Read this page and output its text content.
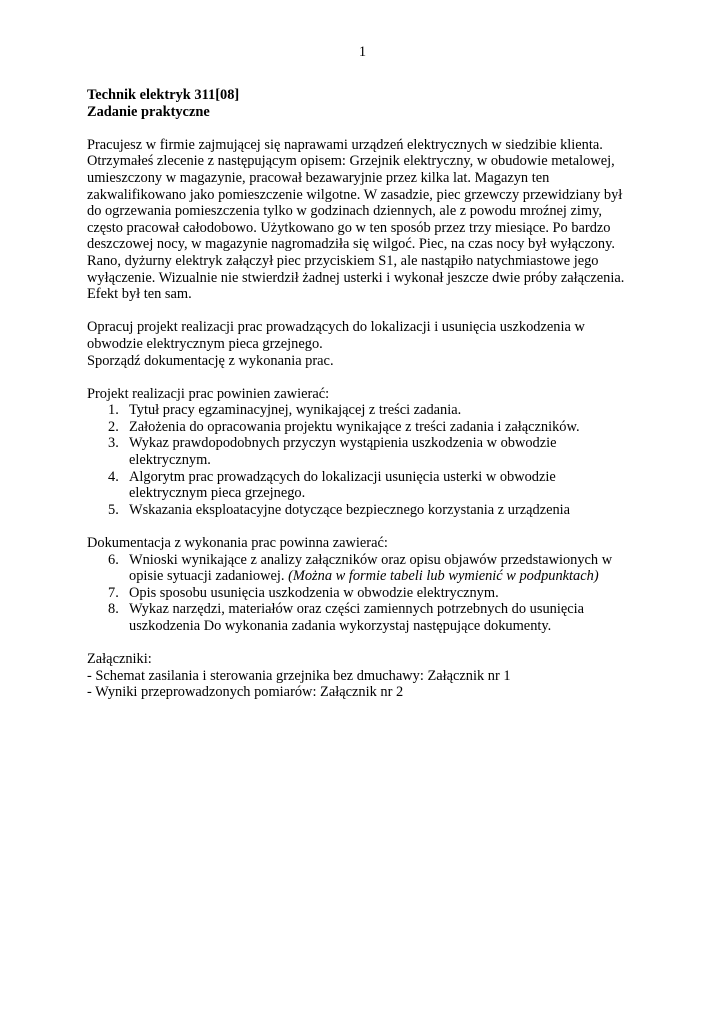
1

Technik elektryk 311[08]

Zadanie praktyczne

Pracujesz w firmie zajmującej się naprawami urządzeń elektrycznych w siedzibie klienta.

Otrzymałeś zlecenie z następującym opisem: Grzejnik elektryczny, w obudowie metalowej,

umieszczony w magazynie, pracował bezawaryjnie przez kilka lat. Magazyn ten

zakwalifikowano jako pomieszczenie wilgotne. W zasadzie, piec grzewczy przewidziany był

do ogrzewania pomieszczenia tylko w godzinach dziennych, ale z powodu mroźnej zimy,

często pracował całodobowo. Użytkowano go w ten sposób przez trzy miesiące. Po bardzo

deszczowej nocy, w magazynie nagromadziła się wilgoć. Piec, na czas nocy był wyłączony.

Rano, dyżurny elektryk załączył piec przyciskiem S1, ale nastąpiło natychmiastowe jego

wyłączenie. Wizualnie nie stwierdził żadnej usterki i wykonał jeszcze dwie próby załączenia.

Efekt był ten sam.

Opracuj projekt realizacji prac prowadzących do lokalizacji i usunięcia uszkodzenia w

obwodzie elektrycznym pieca grzejnego.

Sporządź dokumentację z wykonania prac.

Projekt realizacji prac powinien zawierać:

1. Tytuł pracy egzaminacyjnej, wynikającej z treści zadania.
2. Założenia do opracowania projektu wynikające z treści zadania i załączników.
3. Wykaz prawdopodobnych przyczyn wystąpienia uszkodzenia w obwodzie
elektrycznym.
4. Algorytm prac prowadzących do lokalizacji usunięcia usterki w obwodzie
elektrycznym pieca grzejnego.
5. Wskazania eksploatacyjne dotyczące bezpiecznego korzystania z urządzenia

Dokumentacja z wykonania prac powinna zawierać:

6. Wnioski wynikające z analizy załączników oraz opisu objawów przedstawionych w
opisie sytuacji zadaniowej. (Można w formie tabeli lub wymienić w podpunktach)
7. Opis sposobu usunięcia uszkodzenia w obwodzie elektrycznym.
8. Wykaz narzędzi, materiałów oraz części zamiennych potrzebnych do usunięcia
uszkodzenia Do wykonania zadania wykorzystaj następujące dokumenty.

Załączniki:

- Schemat zasilania i sterowania grzejnika bez dmuchawy: Załącznik nr 1

- Wyniki przeprowadzonych pomiarów: Załącznik nr 2
